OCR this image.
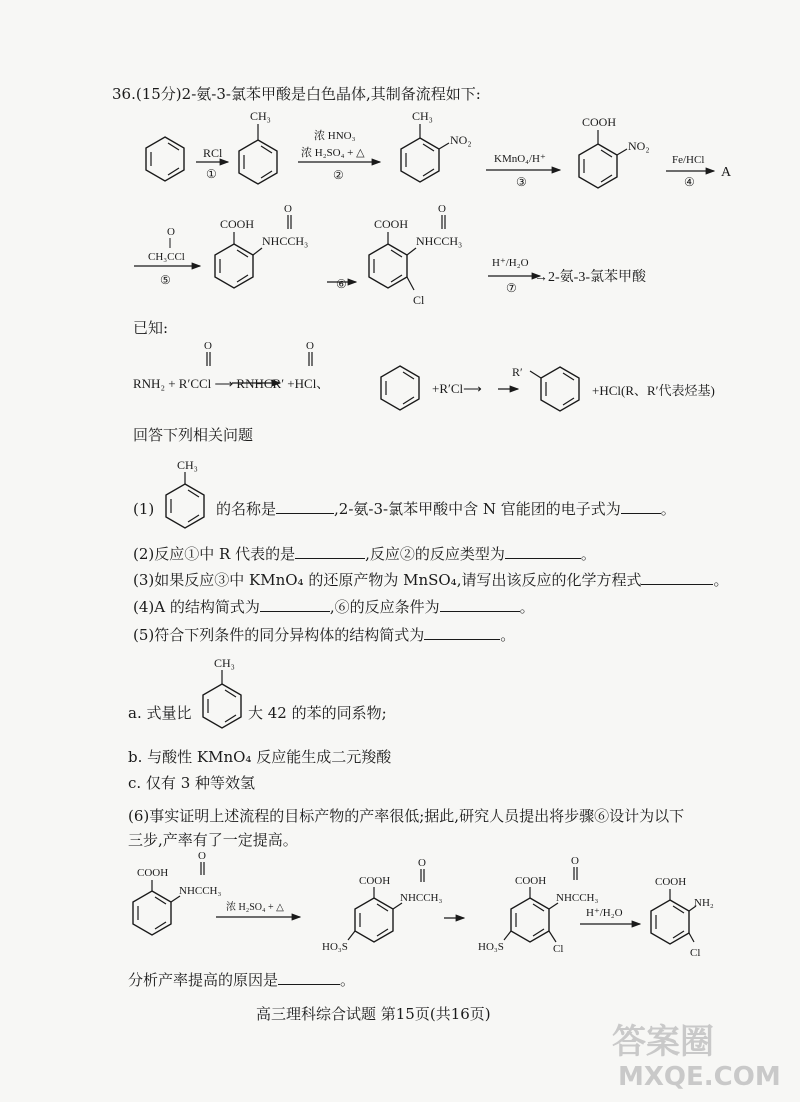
36.(15分)2-氨-3-氯苯甲酸是白色晶体,其制备流程如下:
已知:
回答下列相关问题
(1)	的名称是	,2-氨-3-氯苯甲酸中含 N 官能团的电子式为	。
(2)反应①中 R 代表的是	,反应②的反应类型为	。
(3)如果反应③中 KMnO₄ 的还原产物为 MnSO₄,请写出该反应的化学方程式	。
(4)A 的结构简式为	,⑥的反应条件为	。
(5)符合下列条件的同分异构体的结构简式为	。
a. 式量比	大 42 的苯的同系物;
b. 与酸性 KMnO₄ 反应能生成二元羧酸
c. 仅有 3 种等效氢
(6)事实证明上述流程的目标产物的产率很低;据此,研究人员提出将步骤⑥设计为以下
三步,产率有了一定提高。
分析产率提高的原因是	。
高三理科综合试题 第15页(共16页)
答案圈
MXQE.COM
RCl
①
CH₃
浓 HNO₃
浓 H₂SO₄ + △
②
CH₃
NO₂
KMnO₄/H⁺
③
COOH
NO₂
Fe/HCl
④
A
O
CH₃CCl
⑤
COOH
O
NHCCH₃
⑥
COOH
O
NHCCH₃
Cl
H⁺/H₂O
⑦
→2-氨-3-氯苯甲酸
O	O
RNH₂ + R′CCl ⟶ RNHCR′ +HCl、	+R′Cl⟶
R′
+HCl(R、R′代表烃基)
CH₃
CH₃
COOH
O
NHCCH₃
浓 H₂SO₄ + △
COOH
O
NHCCH₃
HO₃S
COOH
O
NHCCH₃
HO₃S	Cl
H⁺/H₂O
COOH
NH₂
Cl
